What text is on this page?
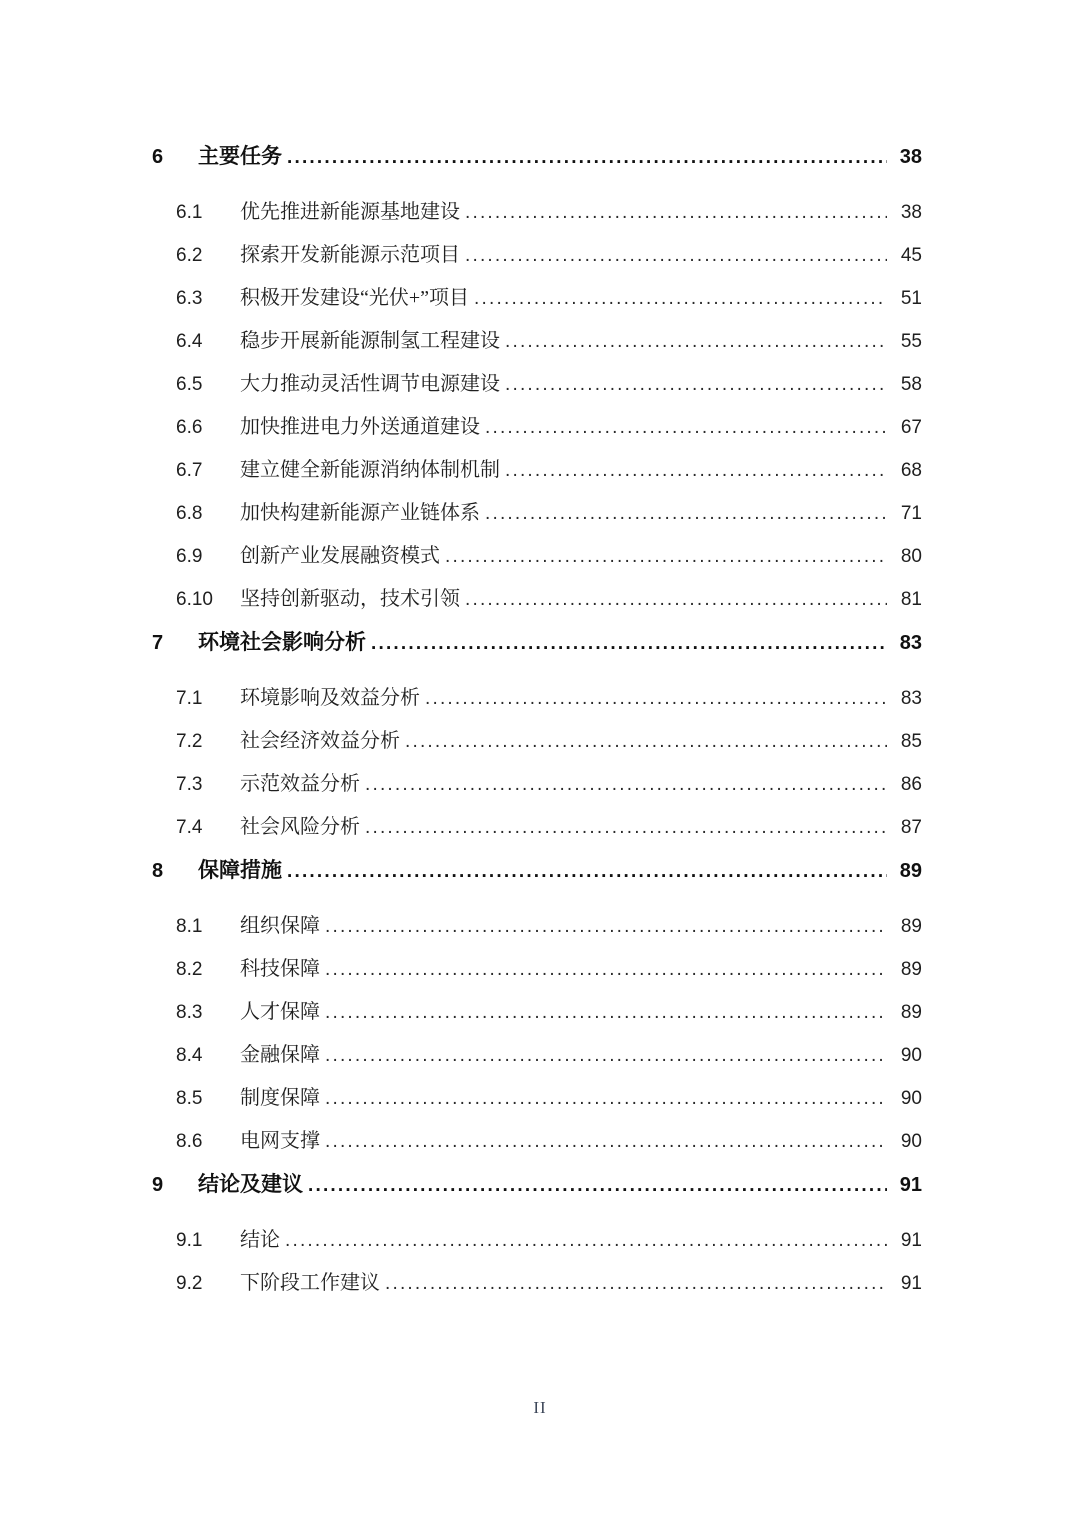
6	主要任务 .....	38
6.1	优先推进新能源基地建设 .....	38
6.2	探索开发新能源示范项目 .....	45
6.3	积极开发建设“光伏+”项目 .....	51
6.4	稳步开展新能源制氢工程建设 .....	55
6.5	大力推动灵活性调节电源建设 .....	58
6.6	加快推进电力外送通道建设 .....	67
6.7	建立健全新能源消纳体制机制 .....	68
6.8	加快构建新能源产业链体系 .....	71
6.9	创新产业发展融资模式 .....	80
6.10	坚持创新驱动，技术引领 .....	81
7	环境社会影响分析 .....	83
7.1	环境影响及效益分析 .....	83
7.2	社会经济效益分析 .....	85
7.3	示范效益分析 .....	86
7.4	社会风险分析 .....	87
8	保障措施 .....	89
8.1	组织保障 .....	89
8.2	科技保障 .....	89
8.3	人才保障 .....	89
8.4	金融保障 .....	90
8.5	制度保障 .....	90
8.6	电网支撑 .....	90
9	结论及建议 .....	91
9.1	结论 .....	91
9.2	下阶段工作建议 .....	91
II
